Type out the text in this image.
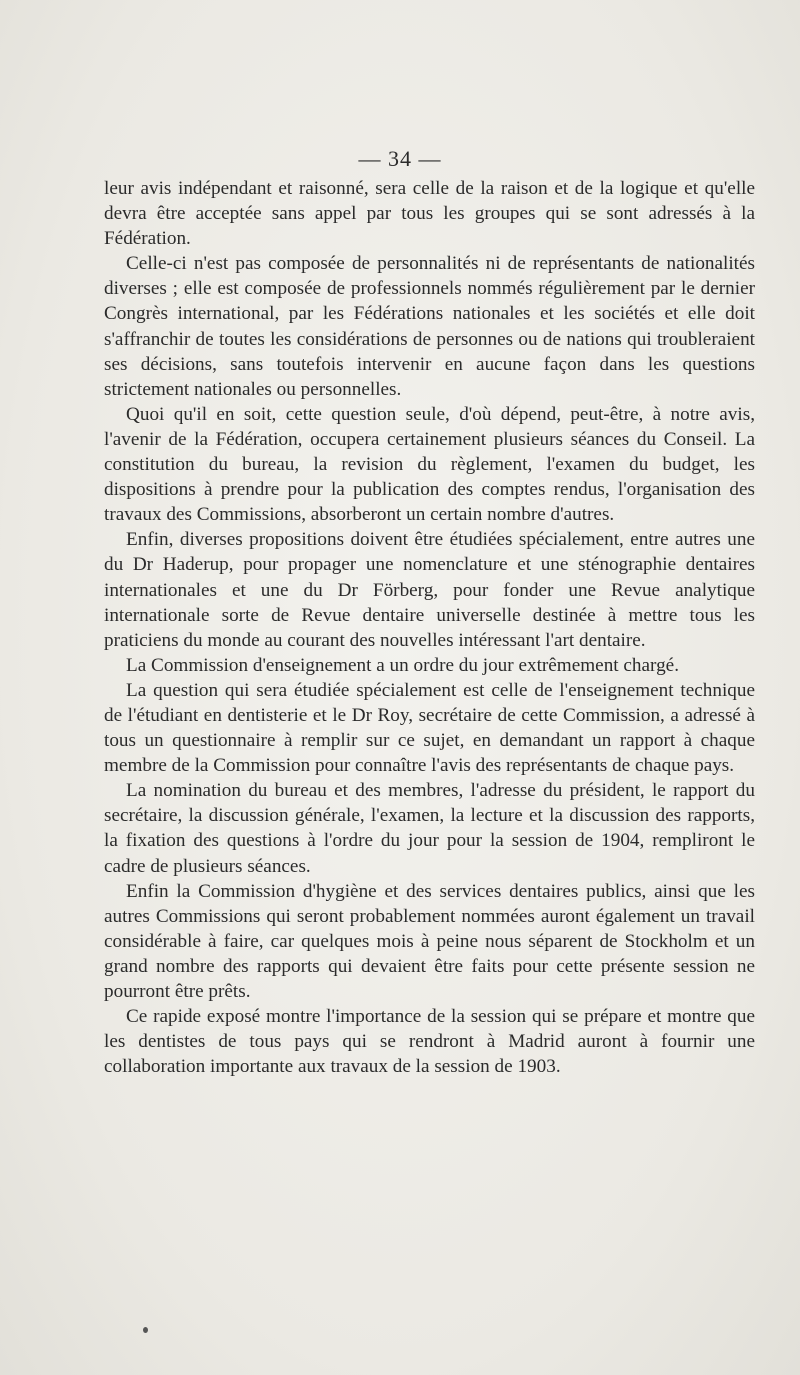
— 34 —

leur avis indépendant et raisonné, sera celle de la raison et de la logique et qu'elle devra être acceptée sans appel par tous les groupes qui se sont adressés à la Fédération.

Celle-ci n'est pas composée de personnalités ni de représentants de nationalités diverses ; elle est composée de professionnels nommés régulièrement par le dernier Congrès international, par les Fédérations nationales et les sociétés et elle doit s'affranchir de toutes les considérations de personnes ou de nations qui troubleraient ses décisions, sans toutefois intervenir en aucune façon dans les questions strictement nationales ou personnelles.

Quoi qu'il en soit, cette question seule, d'où dépend, peut-être, à notre avis, l'avenir de la Fédération, occupera certainement plusieurs séances du Conseil. La constitution du bureau, la revision du règlement, l'examen du budget, les dispositions à prendre pour la publication des comptes rendus, l'organisation des travaux des Commissions, absorberont un certain nombre d'autres.

Enfin, diverses propositions doivent être étudiées spécialement, entre autres une du Dr Haderup, pour propager une nomenclature et une sténographie dentaires internationales et une du Dr Förberg, pour fonder une Revue analytique internationale sorte de Revue dentaire universelle destinée à mettre tous les praticiens du monde au courant des nouvelles intéressant l'art dentaire.

La Commission d'enseignement a un ordre du jour extrêmement chargé.

La question qui sera étudiée spécialement est celle de l'enseignement technique de l'étudiant en dentisterie et le Dr Roy, secrétaire de cette Commission, a adressé à tous un questionnaire à remplir sur ce sujet, en demandant un rapport à chaque membre de la Commission pour connaître l'avis des représentants de chaque pays.

La nomination du bureau et des membres, l'adresse du président, le rapport du secrétaire, la discussion générale, l'examen, la lecture et la discussion des rapports, la fixation des questions à l'ordre du jour pour la session de 1904, rempliront le cadre de plusieurs séances.

Enfin la Commission d'hygiène et des services dentaires publics, ainsi que les autres Commissions qui seront probablement nommées auront également un travail considérable à faire, car quelques mois à peine nous séparent de Stockholm et un grand nombre des rapports qui devaient être faits pour cette présente session ne pourront être prêts.

Ce rapide exposé montre l'importance de la session qui se prépare et montre que les dentistes de tous pays qui se rendront à Madrid auront à fournir une collaboration importante aux travaux de la session de 1903.
